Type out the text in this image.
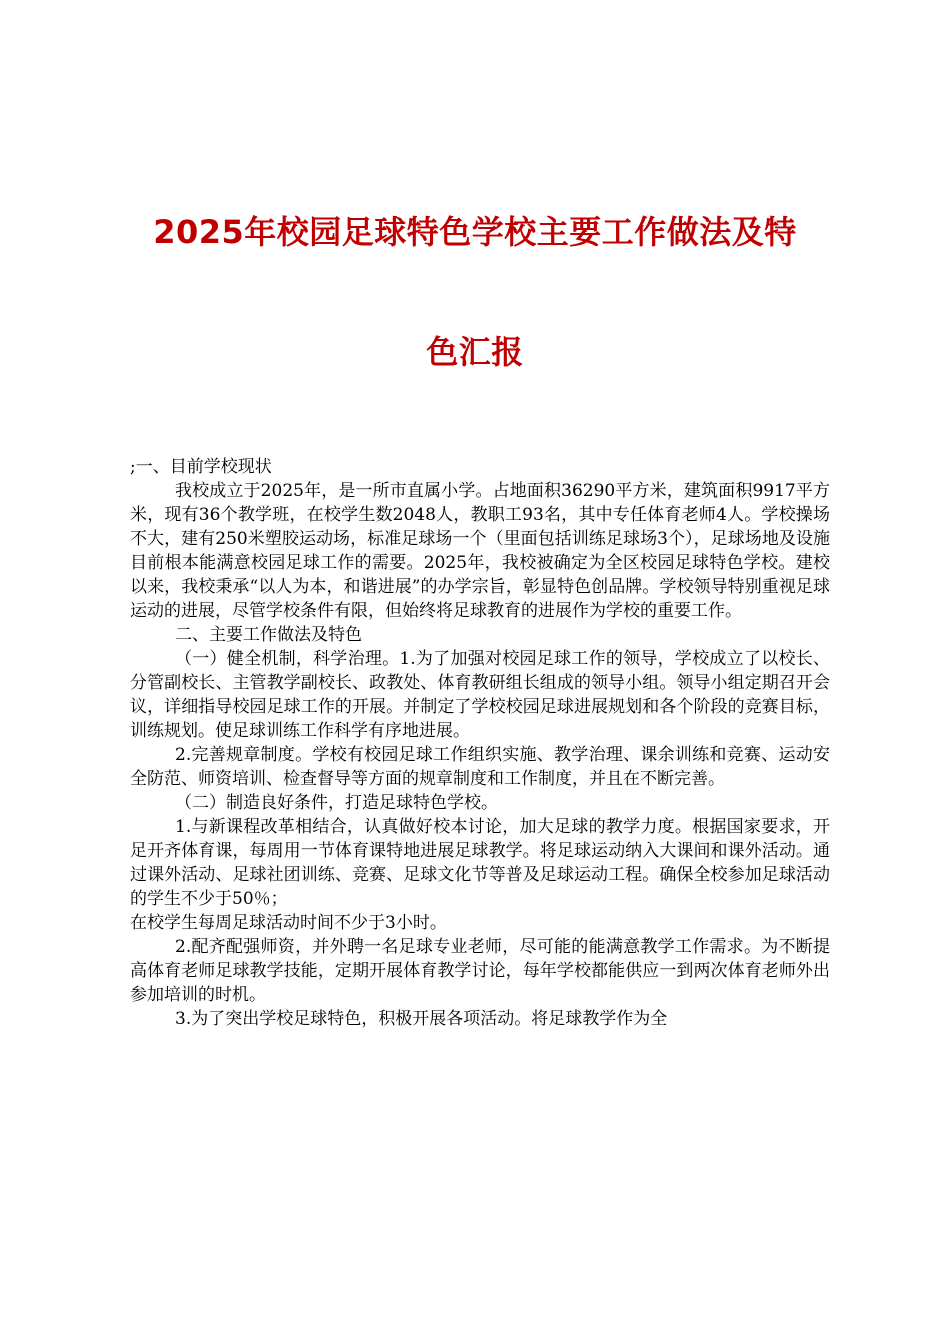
2025年校园足球特色学校主要工作做法及特
色汇报

;一、目前学校现状

我校成立于2025年，是一所市直属小学。占地面积36290平方米，建筑面积9917平方米，现有36个教学班，在校学生数2048人，教职工93名，其中专任体育老师4人。学校操场不大，建有250米塑胶运动场，标准足球场一个（里面包括训练足球场3个），足球场地及设施目前根本能满意校园足球工作的需要。2025年，我校被确定为全区校园足球特色学校。建校以来，我校秉承“以人为本，和谐进展”的办学宗旨，彰显特色创品牌。学校领导特别重视足球运动的进展，尽管学校条件有限，但始终将足球教育的进展作为学校的重要工作。

二、主要工作做法及特色

（一）健全机制，科学治理。1.为了加强对校园足球工作的领导，学校成立了以校长、分管副校长、主管教学副校长、政教处、体育教研组长组成的领导小组。领导小组定期召开会议，详细指导校园足球工作的开展。并制定了学校校园足球进展规划和各个阶段的竞赛目标，训练规划。使足球训练工作科学有序地进展。

2.完善规章制度。学校有校园足球工作组织实施、教学治理、课余训练和竞赛、运动安全防范、师资培训、检查督导等方面的规章制度和工作制度，并且在不断完善。

（二）制造良好条件，打造足球特色学校。

1.与新课程改革相结合，认真做好校本讨论，加大足球的教学力度。根据国家要求，开足开齐体育课，每周用一节体育课特地进展足球教学。将足球运动纳入大课间和课外活动。通过课外活动、足球社团训练、竞赛、足球文化节等普及足球运动工程。确保全校参加足球活动的学生不少于50％；

在校学生每周足球活动时间不少于3小时。

2.配齐配强师资，并外聘一名足球专业老师，尽可能的能满意教学工作需求。为不断提高体育老师足球教学技能，定期开展体育教学讨论，每年学校都能供应一到两次体育老师外出参加培训的时机。

3.为了突出学校足球特色，积极开展各项活动。将足球教学作为全
